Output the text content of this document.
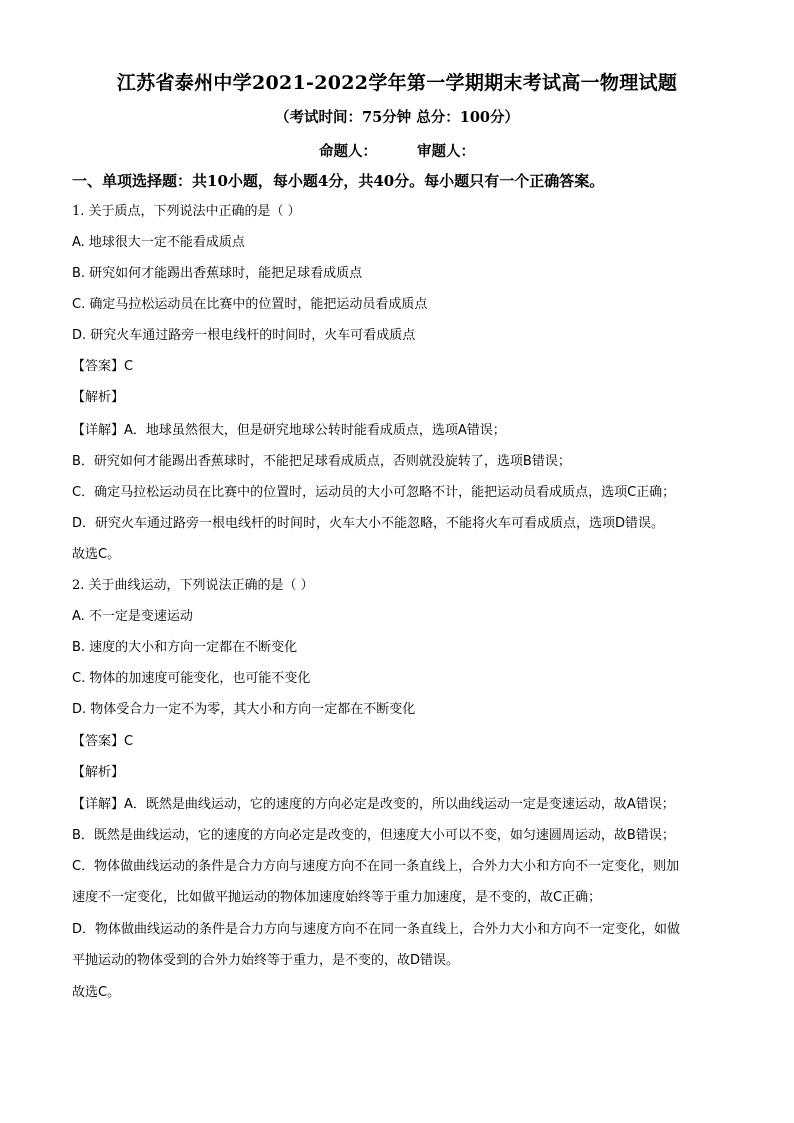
江苏省泰州中学2021-2022学年第一学期期末考试高一物理试题
（考试时间：75分钟 总分：100分）
命题人：	审题人：
一、单项选择题：共10小题，每小题4分，共40分。每小题只有一个正确答案。
1. 关于质点，下列说法中正确的是（ ）
A. 地球很大一定不能看成质点
B. 研究如何才能踢出香蕉球时，能把足球看成质点
C. 确定马拉松运动员在比赛中的位置时，能把运动员看成质点
D. 研究火车通过路旁一根电线杆的时间时，火车可看成质点
【答案】C
【解析】
【详解】A．地球虽然很大，但是研究地球公转时能看成质点，选项A错误；
B．研究如何才能踢出香蕉球时，不能把足球看成质点，否则就没旋转了，选项B错误；
C．确定马拉松运动员在比赛中的位置时，运动员的大小可忽略不计，能把运动员看成质点，选项C正确；
D．研究火车通过路旁一根电线杆的时间时，火车大小不能忽略，不能将火车可看成质点，选项D错误。
故选C。
2. 关于曲线运动，下列说法正确的是（ ）
A. 不一定是变速运动
B. 速度的大小和方向一定都在不断变化
C. 物体的加速度可能变化，也可能不变化
D. 物体受合力一定不为零，其大小和方向一定都在不断变化
【答案】C
【解析】
【详解】A．既然是曲线运动，它的速度的方向必定是改变的，所以曲线运动一定是变速运动，故A错误；
B．既然是曲线运动，它的速度的方向必定是改变的，但速度大小可以不变，如匀速圆周运动，故B错误；
C．物体做曲线运动的条件是合力方向与速度方向不在同一条直线上，合外力大小和方向不一定变化，则加
速度不一定变化，比如做平抛运动的物体加速度始终等于重力加速度，是不变的，故C正确；
D．物体做曲线运动的条件是合力方向与速度方向不在同一条直线上，合外力大小和方向不一定变化，如做
平抛运动的物体受到的合外力始终等于重力，是不变的，故D错误。
故选C。
